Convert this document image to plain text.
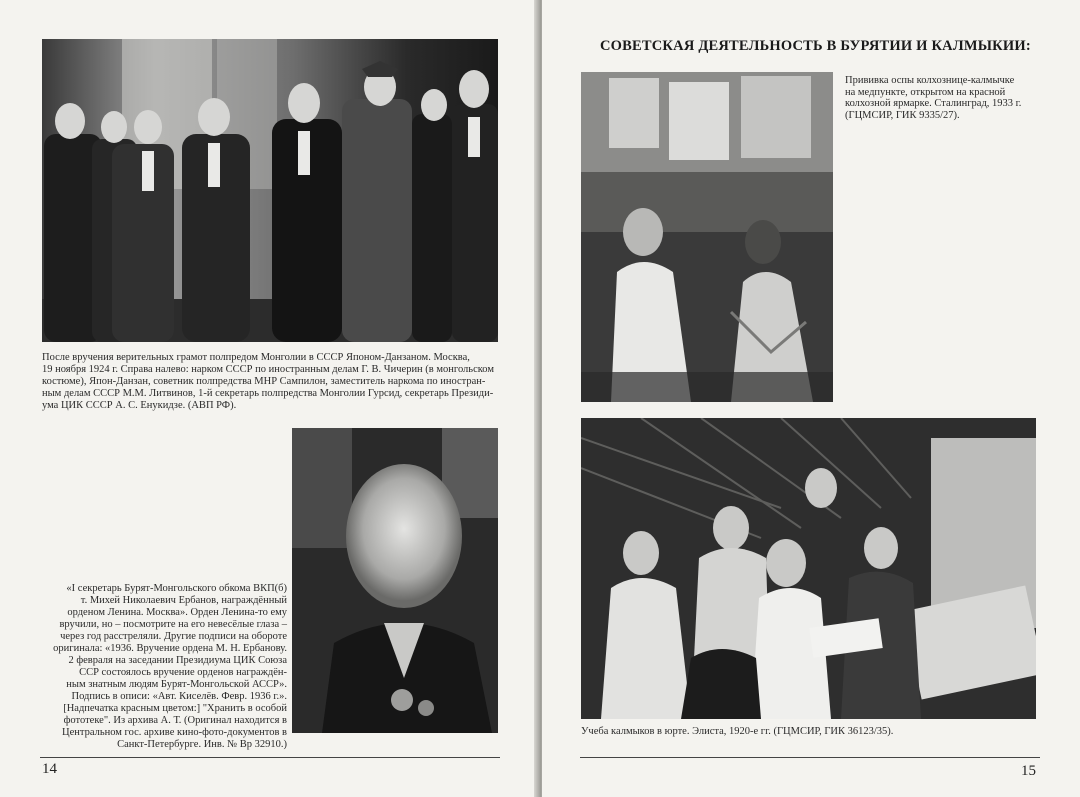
После вручения верительных грамот полпредом Монголии в СССР Японом-Данзаном. Москва,
19 ноября 1924 г. Справа налево: нарком СССР по иностранным делам Г. В. Чичерин (в монгольском
костюме), Япон-Данзан, советник полпредства МНР Сампилон, заместитель наркома по иностран-
ным делам СССР М.М. Литвинов, 1-й секретарь полпредства Монголии Гурсид, секретарь Президи-
ума ЦИК СССР А. С. Енукидзе. (АВП РФ).
«I секретарь Бурят-Монгольского обкома ВКП(б)
т. Михей Николаевич Ербанов, награждённый
орденом Ленина. Москва». Орден Ленина-то ему
вручили, но – посмотрите на его невесёлые глаза –
через год расстреляли. Другие подписи на обороте
оригинала: «1936. Вручение ордена М. Н. Ербанову.
2 февраля на заседании Президиума ЦИК Союза
ССР состоялось вручение орденов награждён-
ным знатным людям Бурят-Монгольской АССР».
Подпись в описи: «Авт. Киселёв. Февр. 1936 г.».
[Надпечатка красным цветом:] "Хранить в особой
фототеке". Из архива А. Т. (Оригинал находится в
Центральном гос. архиве кино-фото-документов в
Санкт-Петербурге. Инв. № Вр 32910.)
14
СОВЕТСКАЯ ДЕЯТЕЛЬНОСТЬ В БУРЯТИИ И КАЛМЫКИИ:
Прививка оспы колхознице-калмычке
на медпункте, открытом на красной
колхозной ярмарке. Сталинград, 1933 г.
(ГЦМСИР, ГИК 9335/27).
Учеба калмыков в юрте. Элиста, 1920-е гг. (ГЦМСИР, ГИК 36123/35).
15
